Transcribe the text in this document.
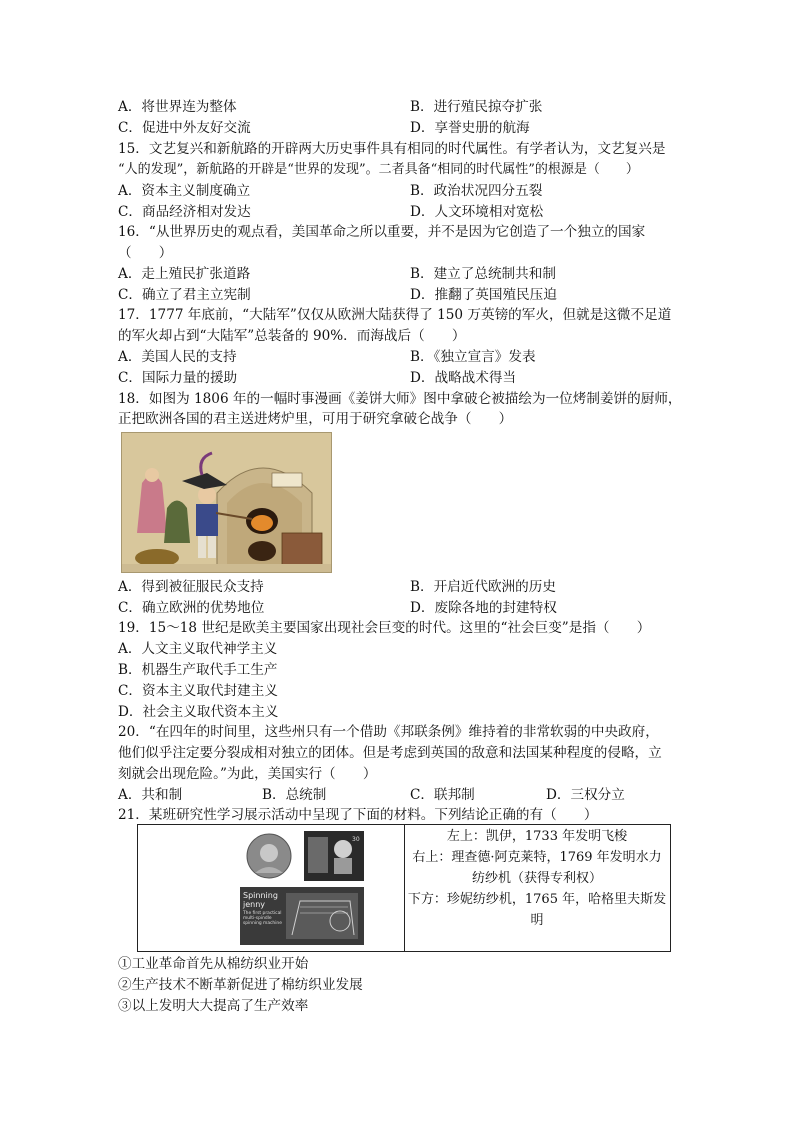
A．将世界连为整体	B．进行殖民掠夺扩张
C．促进中外友好交流	D．享誉史册的航海
15．文艺复兴和新航路的开辟两大历史事件具有相同的时代属性。有学者认为，文艺复兴是
“人的发现”，新航路的开辟是“世界的发现”。二者具备“相同的时代属性”的根源是（　　）
A．资本主义制度确立	B．政治状况四分五裂
C．商品经济相对发达	D．人文环境相对宽松
16．“从世界历史的观点看，美国革命之所以重要，并不是因为它创造了一个独立的国家
（　　）
A．走上殖民扩张道路	B．建立了总统制共和制
C．确立了君主立宪制	D．推翻了英国殖民压迫
17．1777 年底前，“大陆军”仅仅从欧洲大陆获得了 150 万英镑的军火，但就是这微不足道
的军火却占到“大陆军”总装备的 90%．而海战后（　　）
A．美国人民的支持	B．《独立宣言》发表
C．国际力量的援助	D．战略战术得当
18．如图为 1806 年的一幅时事漫画《姜饼大师》图中拿破仑被描绘为一位烤制姜饼的厨师，
正把欧洲各国的君主送进烤炉里，可用于研究拿破仑战争（　　）
A．得到被征服民众支持	B．开启近代欧洲的历史
C．确立欧洲的优势地位	D．废除各地的封建特权
19．15～18 世纪是欧美主要国家出现社会巨变的时代。这里的“社会巨变”是指（　　）
A．人文主义取代神学主义
B．机器生产取代手工生产
C．资本主义取代封建主义
D．社会主义取代资本主义
20．“在四年的时间里，这些州只有一个借助《邦联条例》维持着的非常软弱的中央政府，
他们似乎注定要分裂成相对独立的团体。但是考虑到英国的敌意和法国某种程度的侵略，立
刻就会出现危险。”为此，美国实行（　　）
A．共和制	B．总统制	C．联邦制	D．三权分立
21．某班研究性学习展示活动中呈现了下面的材料。下列结论正确的有（　　）
30
Spinning jenny
The first practical multi-spindle spinning machine
左上：凯伊，1733 年发明飞梭
右上：理查德·阿克莱特，1769 年发明水力
纺纱机（获得专利权）
下方：珍妮纺纱机，1765 年，哈格里夫斯发
明
①工业革命首先从棉纺织业开始
②生产技术不断革新促进了棉纺织业发展
③以上发明大大提高了生产效率
